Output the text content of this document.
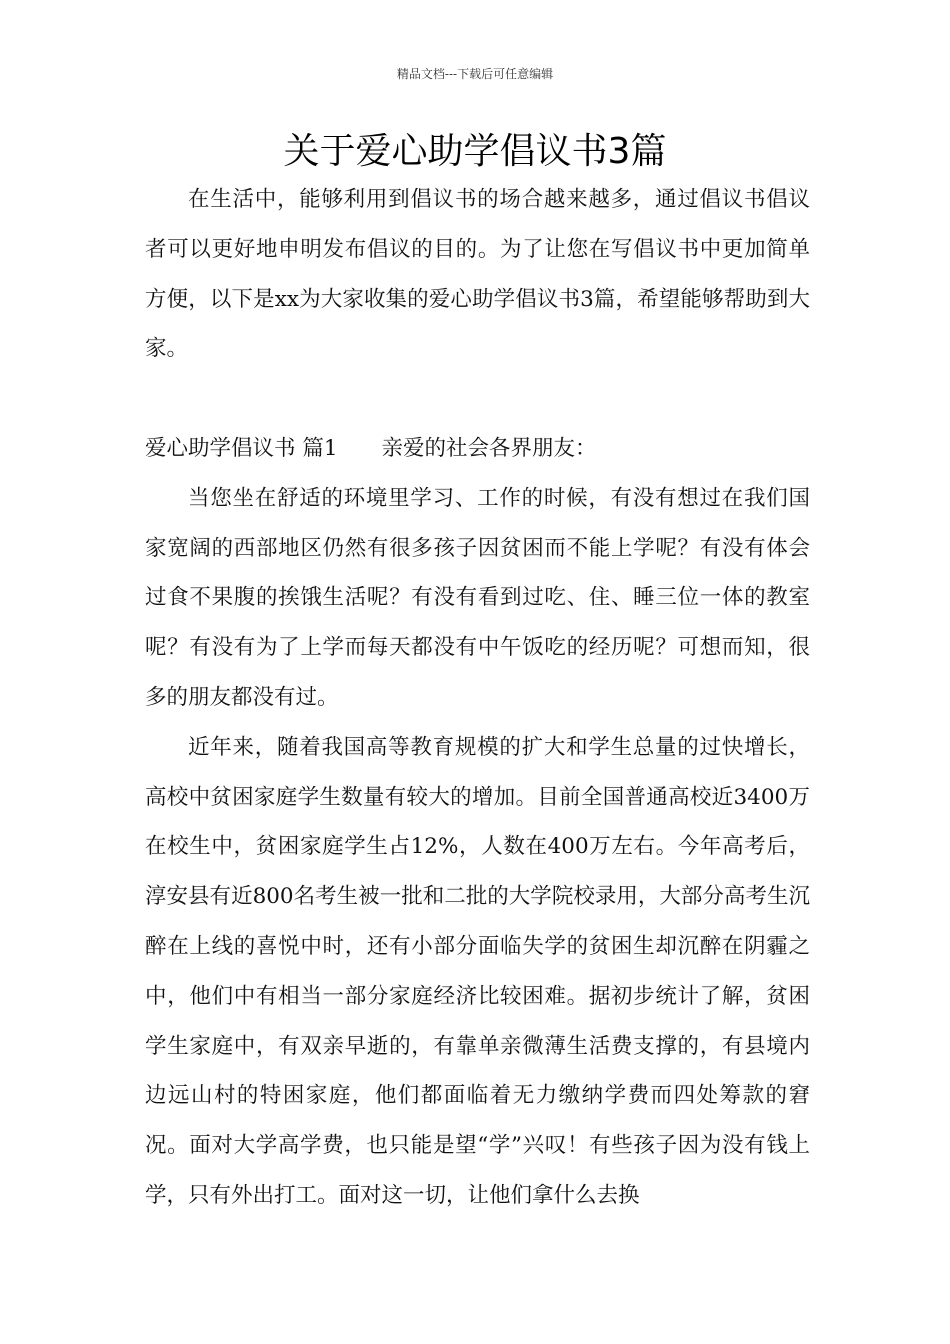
精品文档---下载后可任意编辑
关于爱心助学倡议书3篇

在生活中，能够利用到倡议书的场合越来越多，通过倡议书倡议者可以更好地申明发布倡议的目的。为了让您在写倡议书中更加简单方便，以下是xx为大家收集的爱心助学倡议书3篇，希望能够帮助到大家。

爱心助学倡议书 篇1 亲爱的社会各界朋友：

当您坐在舒适的环境里学习、工作的时候，有没有想过在我们国家宽阔的西部地区仍然有很多孩子因贫困而不能上学呢？有没有体会过食不果腹的挨饿生活呢？有没有看到过吃、住、睡三位一体的教室呢？有没有为了上学而每天都没有中午饭吃的经历呢？可想而知，很多的朋友都没有过。

近年来，随着我国高等教育规模的扩大和学生总量的过快增长，高校中贫困家庭学生数量有较大的增加。目前全国普通高校近3400万在校生中，贫困家庭学生占12%，人数在400万左右。今年高考后，淳安县有近800名考生被一批和二批的大学院校录用，大部分高考生沉醉在上线的喜悦中时，还有小部分面临失学的贫困生却沉醉在阴霾之中，他们中有相当一部分家庭经济比较困难。据初步统计了解，贫困学生家庭中，有双亲早逝的，有靠单亲微薄生活费支撑的，有县境内边远山村的特困家庭，他们都面临着无力缴纳学费而四处筹款的窘况。面对大学高学费，也只能是望“学”兴叹！有些孩子因为没有钱上学，只有外出打工。面对这一切，让他们拿什么去换
